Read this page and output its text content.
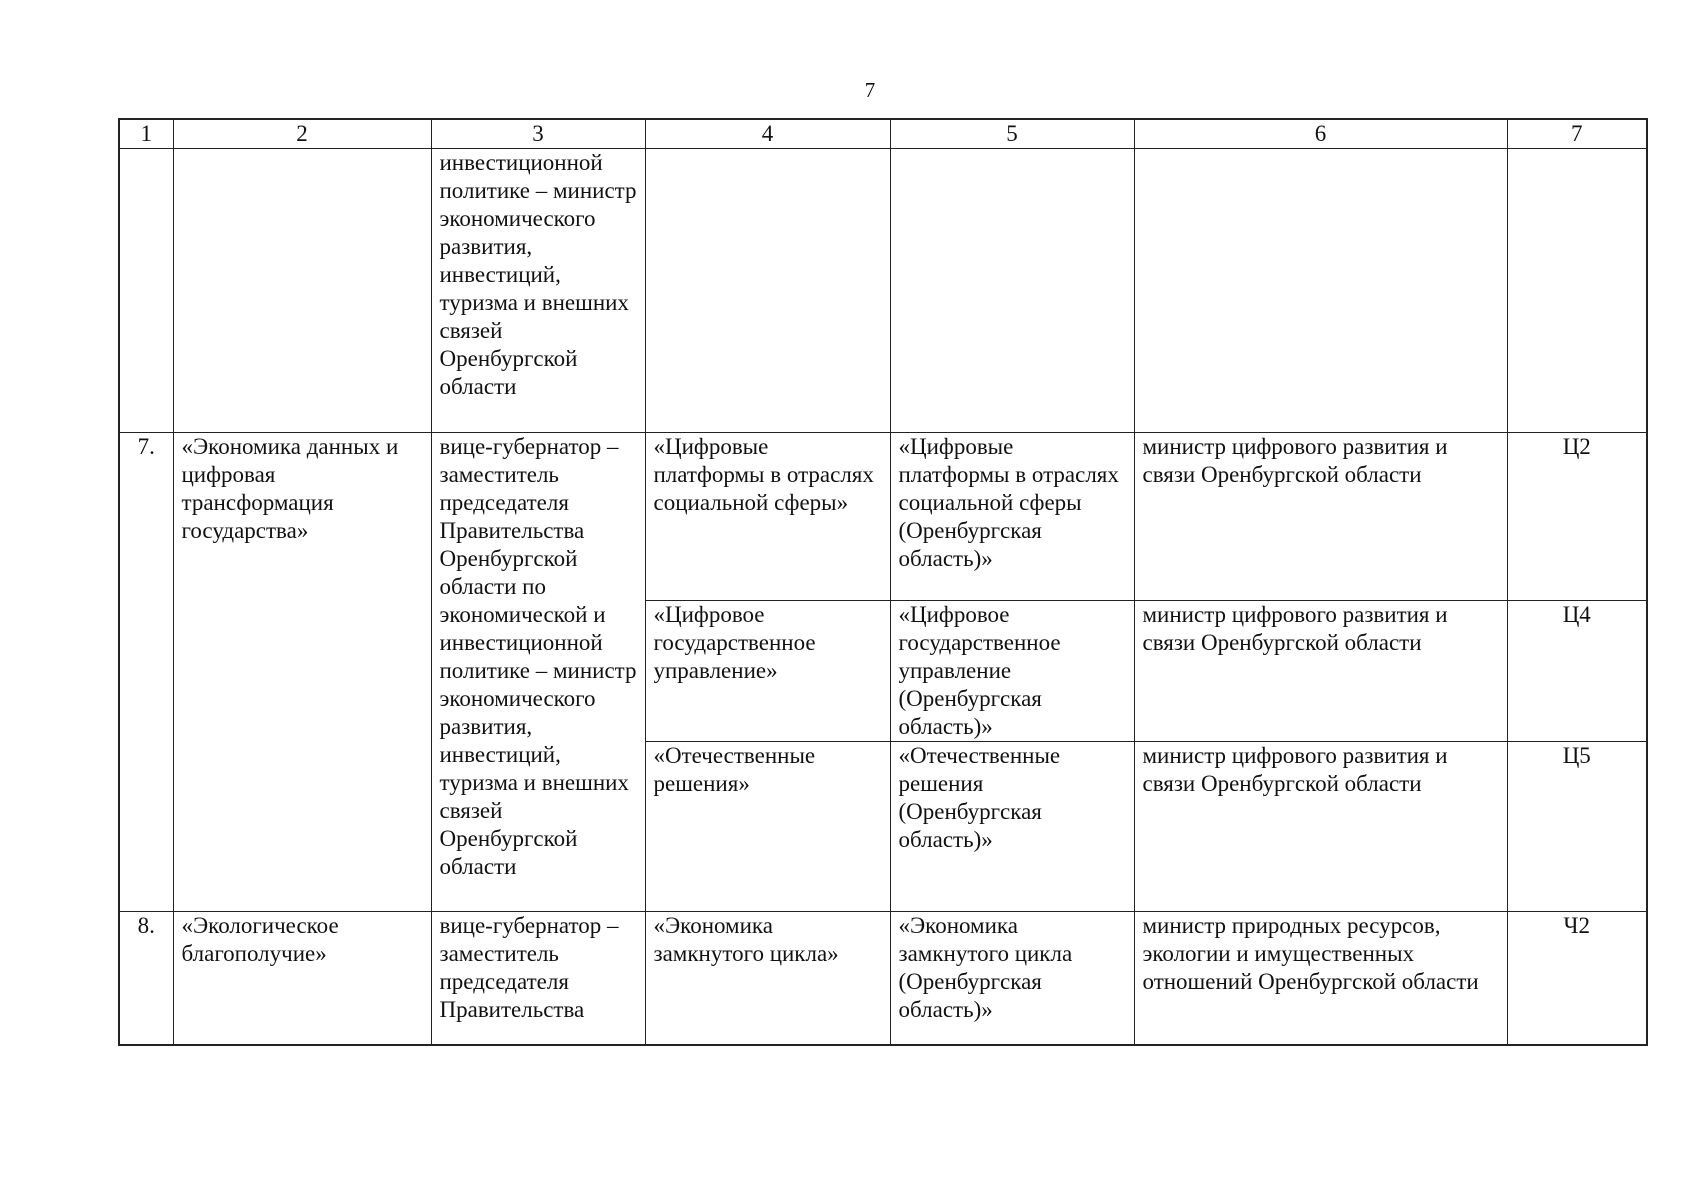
7
1	2	3	4	5	6	7
		инвестиционной политике – министр экономического развития, инвестиций, туризма и внешних связей Оренбургской области				
7.	«Экономика данных и цифровая трансформация государства»	вице-губернатор – заместитель председателя Правительства Оренбургской области по экономической и инвестиционной политике – министр экономического развития, инвестиций, туризма и внешних связей Оренбургской области	«Цифровые платформы в отраслях социальной сферы»	«Цифровые платформы в отраслях социальной сферы (Оренбургская область)»	министр цифрового развития и связи Оренбургской области	Ц2
			«Цифровое государственное управление»	«Цифровое государственное управление (Оренбургская область)»	министр цифрового развития и связи Оренбургской области	Ц4
			«Отечественные решения»	«Отечественные решения (Оренбургская область)»	министр цифрового развития и связи Оренбургской области	Ц5
8.	«Экологическое благополучие»	вице-губернатор – заместитель председателя Правительства	«Экономика замкнутого цикла»	«Экономика замкнутого цикла (Оренбургская область)»	министр природных ресурсов, экологии и имущественных отношений Оренбургской области	Ч2
